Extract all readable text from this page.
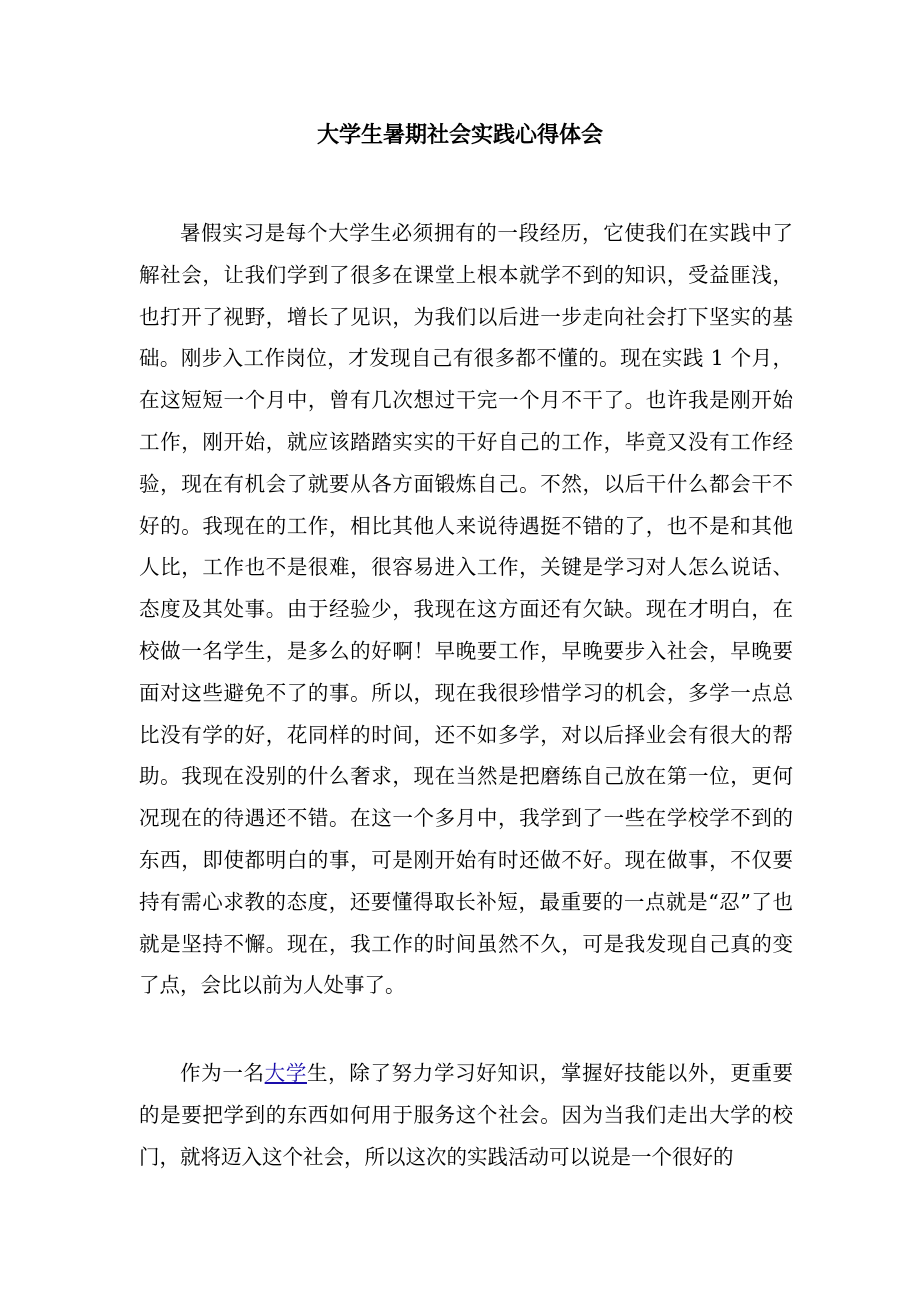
大学生暑期社会实践心得体会

暑假实习是每个大学生必须拥有的一段经历，它使我们在实践中了解社会，让我们学到了很多在课堂上根本就学不到的知识，受益匪浅，也打开了视野，增长了见识，为我们以后进一步走向社会打下坚实的基础。刚步入工作岗位，才发现自己有很多都不懂的。现在实践 1 个月，在这短短一个月中，曾有几次想过干完一个月不干了。也许我是刚开始工作，刚开始，就应该踏踏实实的干好自己的工作，毕竟又没有工作经验，现在有机会了就要从各方面锻炼自己。不然，以后干什么都会干不好的。我现在的工作，相比其他人来说待遇挺不错的了，也不是和其他人比，工作也不是很难，很容易进入工作，关键是学习对人怎么说话、态度及其处事。由于经验少，我现在这方面还有欠缺。现在才明白，在校做一名学生，是多么的好啊！早晚要工作，早晚要步入社会，早晚要面对这些避免不了的事。所以，现在我很珍惜学习的机会，多学一点总比没有学的好，花同样的时间，还不如多学，对以后择业会有很大的帮助。我现在没别的什么奢求，现在当然是把磨练自己放在第一位，更何况现在的待遇还不错。在这一个多月中，我学到了一些在学校学不到的东西，即使都明白的事，可是刚开始有时还做不好。现在做事，不仅要持有需心求教的态度，还要懂得取长补短，最重要的一点就是“忍”了也就是坚持不懈。现在，我工作的时间虽然不久，可是我发现自己真的变了点，会比以前为人处事了。

作为一名大学生，除了努力学习好知识，掌握好技能以外，更重要的是要把学到的东西如何用于服务这个社会。因为当我们走出大学的校门，就将迈入这个社会，所以这次的实践活动可以说是一个很好的
